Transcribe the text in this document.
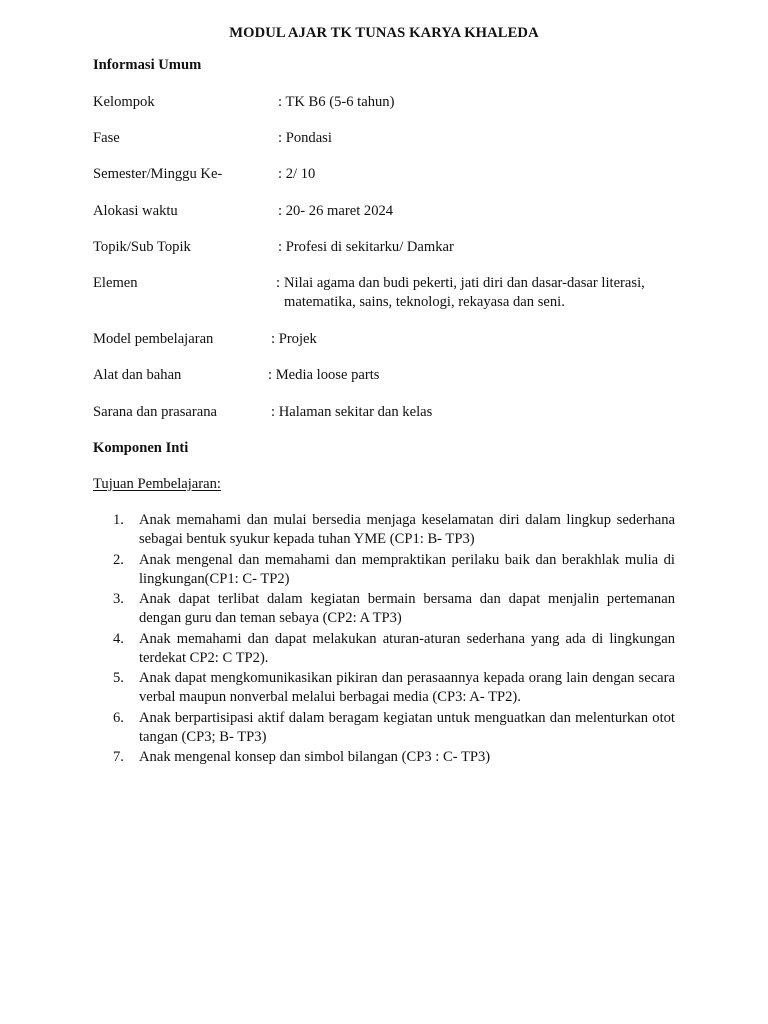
MODUL AJAR TK TUNAS KARYA KHALEDA
Informasi Umum
Kelompok	: TK B6 (5-6 tahun)
Fase	: Pondasi
Semester/Minggu Ke-	: 2/ 10
Alokasi waktu	: 20- 26 maret 2024
Topik/Sub Topik	: Profesi di sekitarku/ Damkar
Elemen	: Nilai agama dan budi pekerti, jati diri dan dasar-dasar literasi,
matematika, sains, teknologi, rekayasa dan seni.
Model pembelajaran	: Projek
Alat dan bahan	: Media loose parts
Sarana dan prasarana	: Halaman sekitar dan kelas
Komponen Inti
Tujuan Pembelajaran:
1. Anak memahami dan mulai bersedia menjaga keselamatan diri dalam lingkup sederhana sebagai bentuk syukur kepada tuhan YME (CP1: B- TP3)
2. Anak mengenal dan memahami dan mempraktikan perilaku baik dan berakhlak mulia di lingkungan(CP1: C- TP2)
3. Anak dapat terlibat dalam kegiatan bermain bersama dan dapat menjalin pertemanan dengan guru dan teman sebaya (CP2: A TP3)
4. Anak memahami dan dapat melakukan aturan-aturan sederhana yang ada di lingkungan terdekat CP2: C TP2).
5. Anak dapat mengkomunikasikan pikiran dan perasaannya kepada orang lain dengan secara verbal maupun nonverbal melalui berbagai media (CP3: A- TP2).
6. Anak berpartisipasi aktif dalam beragam kegiatan untuk menguatkan dan melenturkan otot tangan (CP3; B- TP3)
7. Anak mengenal konsep dan simbol bilangan (CP3 : C- TP3)
